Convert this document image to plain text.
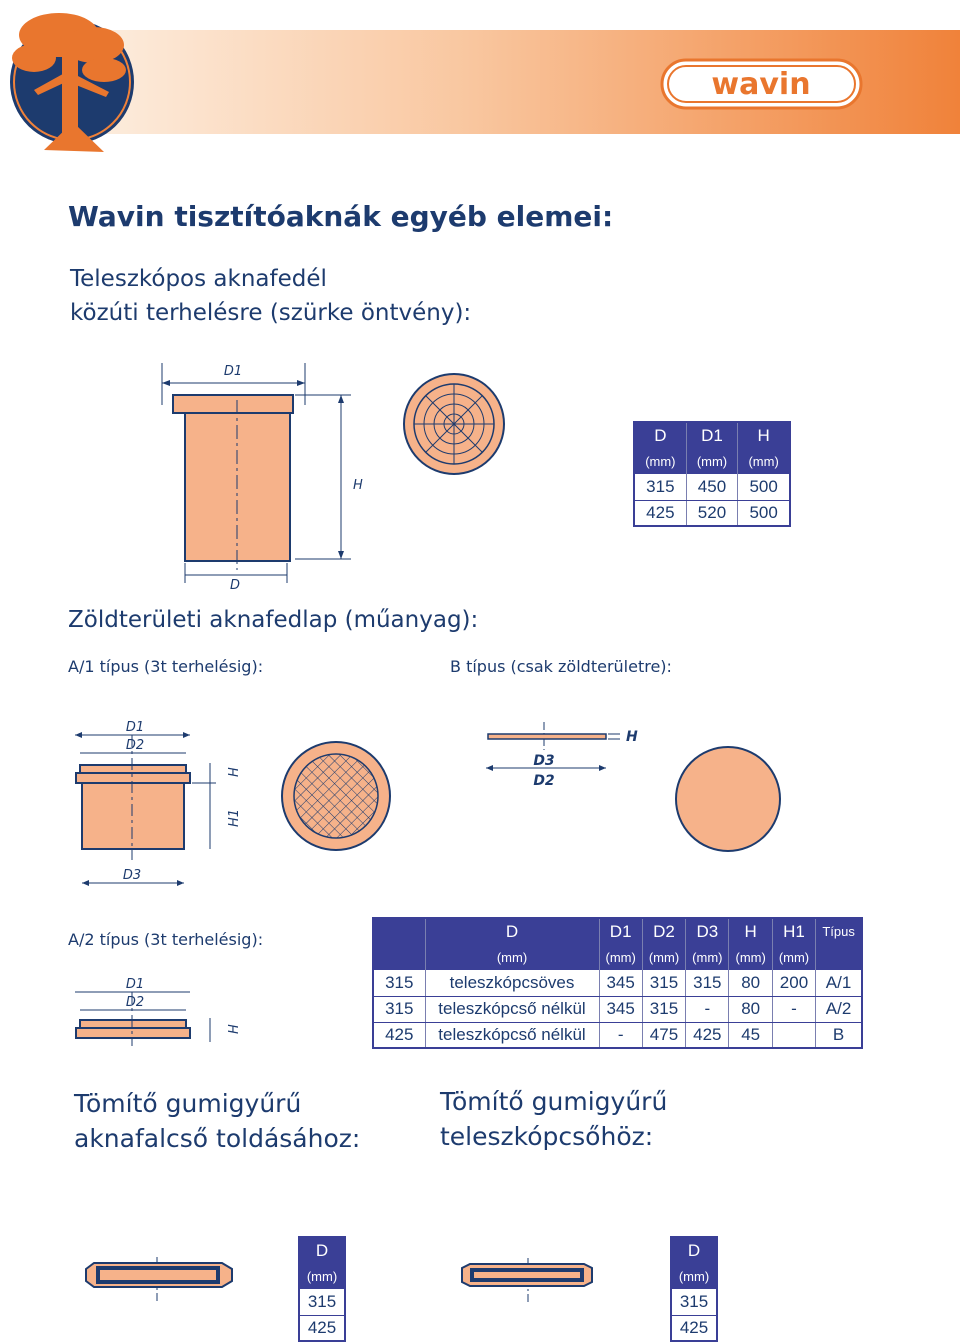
wavin
Wavin tisztítóaknák egyéb elemei:
Teleszkópos aknafedél
közúti terhelésre (szürke öntvény):
D1
D
H
D	D1	H
(mm)	(mm)	(mm)
315	450	500
425	520	500
Zöldterületi aknafedlap (műanyag):
A/1 típus (3t terhelésig):	B típus (csak zöldterületre):
D1
D2
H
H1
D3
H
D3
D2
A/2 típus (3t terhelésig):
D1
D2
H
	D	D1	D2	D3	H	H1	Típus
	(mm)	(mm)	(mm)	(mm)	(mm)	(mm)	
315	teleszkópcsöves	345	315	315	80	200	A/1
315	teleszkópcső nélkül	345	315	-	80	-	A/2
425	teleszkópcső nélkül	-	475	425	45		B
Tömítő gumigyűrű
aknafalcső toldásához:
Tömítő gumigyűrű
teleszkópcsőhöz:
D
(mm)
315
425
D
(mm)
315
425
